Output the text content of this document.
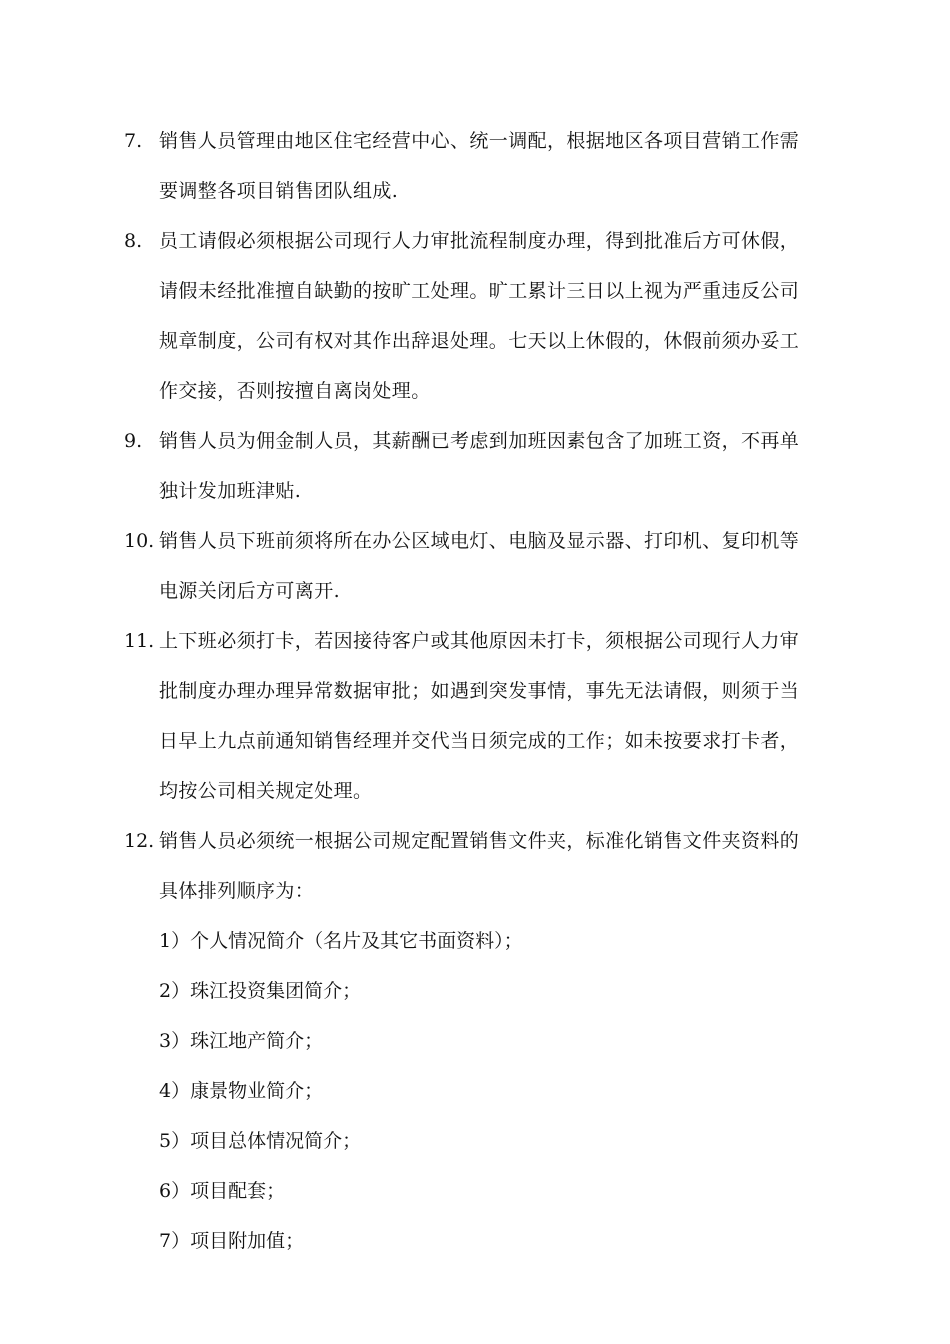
7. 销售人员管理由地区住宅经营中心、统一调配，根据地区各项目营销工作需
要调整各项目销售团队组成.
8. 员工请假必须根据公司现行人力审批流程制度办理，得到批准后方可休假，
请假未经批准擅自缺勤的按旷工处理。旷工累计三日以上视为严重违反公司
规章制度，公司有权对其作出辞退处理。七天以上休假的，休假前须办妥工
作交接，否则按擅自离岗处理。
9. 销售人员为佣金制人员，其薪酬已考虑到加班因素包含了加班工资，不再单
独计发加班津贴.
10. 销售人员下班前须将所在办公区域电灯、电脑及显示器、打印机、复印机等
电源关闭后方可离开.
11. 上下班必须打卡，若因接待客户或其他原因未打卡，须根据公司现行人力审
批制度办理办理异常数据审批；如遇到突发事情，事先无法请假，则须于当
日早上九点前通知销售经理并交代当日须完成的工作；如未按要求打卡者，
均按公司相关规定处理。
12. 销售人员必须统一根据公司规定配置销售文件夹，标准化销售文件夹资料的
具体排列顺序为：
1）个人情况简介（名片及其它书面资料）；
2）珠江投资集团简介；
3）珠江地产简介；
4）康景物业简介；
5）项目总体情况简介；
6）项目配套；
7）项目附加值；
